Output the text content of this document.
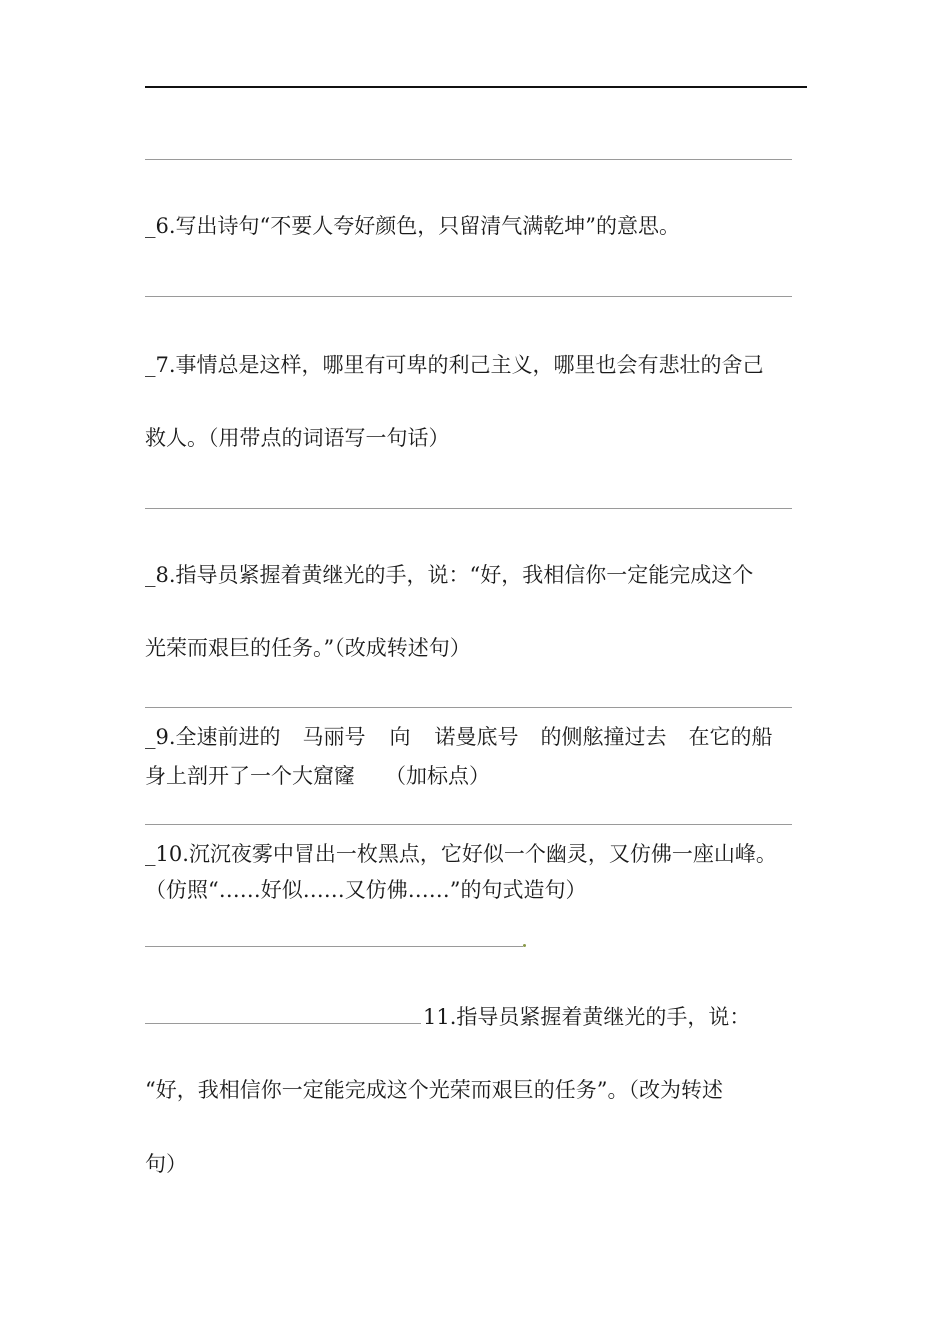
_6.写出诗句“不要人夸好颜色，只留清气满乾坤”的意思。
_7.事情总是这样，哪里有可卑的利己主义，哪里也会有悲壮的舍己
救人。（用带点的词语写一句话）
_8.指导员紧握着黄继光的手，说：“好，我相信你一定能完成这个
光荣而艰巨的任务。”（改成转述句）
_9.全速前进的 马丽号 向 诺曼底号 的侧舷撞过去 在它的船
身上剖开了一个大窟窿 （加标点）
_10.沉沉夜雾中冒出一枚黑点，它好似一个幽灵，又仿佛一座山峰。
（仿照“……好似……又仿佛……”的句式造句）
11.指导员紧握着黄继光的手，说：
“好，我相信你一定能完成这个光荣而艰巨的任务”。（改为转述
句）
